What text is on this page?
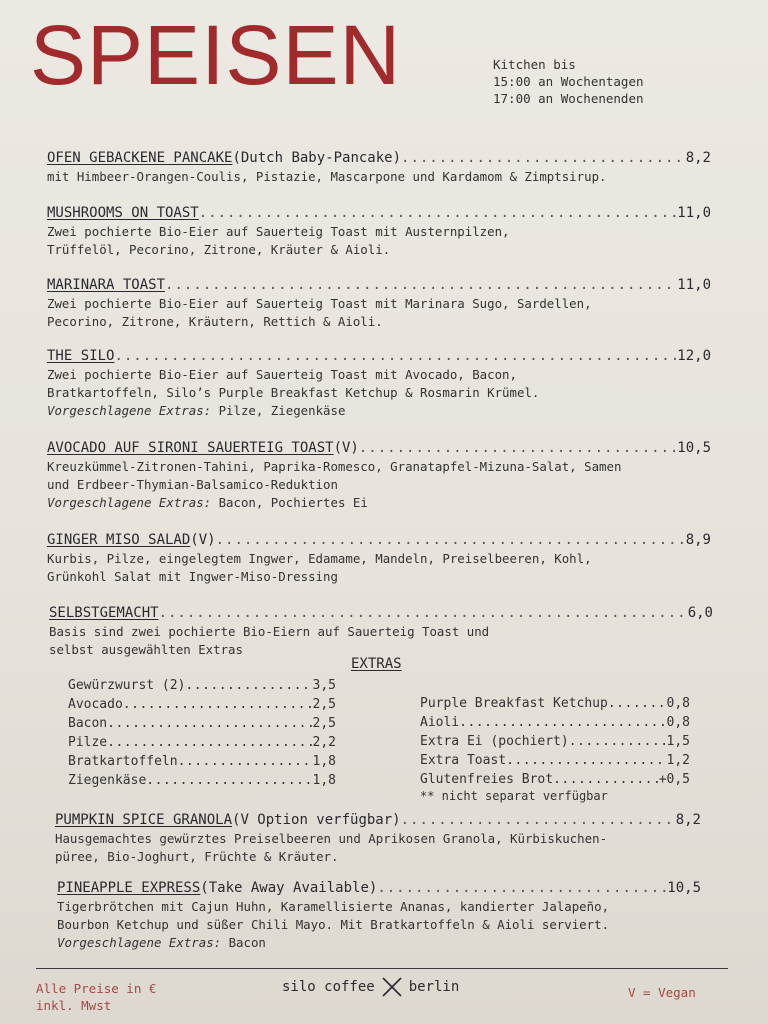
SPEISEN	Kitchen bis
15:00 an Wochentagen
17:00 an Wochenenden
OFEN GEBACKENE PANCAKE (Dutch Baby-Pancake) .....	8,2
mit Himbeer-Orangen-Coulis, Pistazie, Mascarpone und Kardamom & Zimptsirup.
MUSHROOMS ON TOAST .....	11,0
Zwei pochierte Bio-Eier auf Sauerteig Toast mit Austernpilzen,
Trüffelöl, Pecorino, Zitrone, Kräuter & Aioli.
MARINARA TOAST .....	11,0
Zwei pochierte Bio-Eier auf Sauerteig Toast mit Marinara Sugo, Sardellen,
Pecorino, Zitrone, Kräutern, Rettich & Aioli.
THE SILO .....	12,0
Zwei pochierte Bio-Eier auf Sauerteig Toast mit Avocado, Bacon,
Bratkartoffeln, Silo’s Purple Breakfast Ketchup & Rosmarin Krümel.
Vorgeschlagene Extras: Pilze, Ziegenkäse
AVOCADO AUF SIRONI SAUERTEIG TOAST (V) .....	10,5
Kreuzkümmel-Zitronen-Tahini, Paprika-Romesco, Granatapfel-Mizuna-Salat, Samen
und Erdbeer-Thymian-Balsamico-Reduktion
Vorgeschlagene Extras: Bacon, Pochiertes Ei
GINGER MISO SALAD (V) .....	8,9
Kurbis, Pilze, eingelegtem Ingwer, Edamame, Mandeln, Preiselbeeren, Kohl,
Grünkohl Salat mit Ingwer-Miso-Dressing
SELBSTGEMACHT .....	6,0
Basis sind zwei pochierte Bio-Eiern auf Sauerteig Toast und
selbst ausgewählten Extras
EXTRAS
Gewürzwurst (2) .....	3,5
Avocado .....	2,5
Bacon .....	2,5
Pilze .....	2,2
Bratkartoffeln .....	1,8
Ziegenkäse .....	1,8
Purple Breakfast Ketchup .....	0,8
Aioli .....	0,8
Extra Ei (pochiert) .....	1,5
Extra Toast .....	1,2
Glutenfreies Brot .....	+0,5
** nicht separat verfügbar
PUMPKIN SPICE GRANOLA (V Option verfügbar) .....	8,2
Hausgemachtes gewürztes Preiselbeeren und Aprikosen Granola, Kürbiskuchen-
püree, Bio-Joghurt, Früchte & Kräuter.
PINEAPPLE EXPRESS (Take Away Available) .....	10,5
Tigerbrötchen mit Cajun Huhn, Karamellisierte Ananas, kandierter Jalapeño,
Bourbon Ketchup und süßer Chili Mayo. Mit Bratkartoffeln & Aioli serviert.
Vorgeschlagene Extras: Bacon
Alle Preise in €
inkl. Mwst
silo coffee berlin	V = Vegan
